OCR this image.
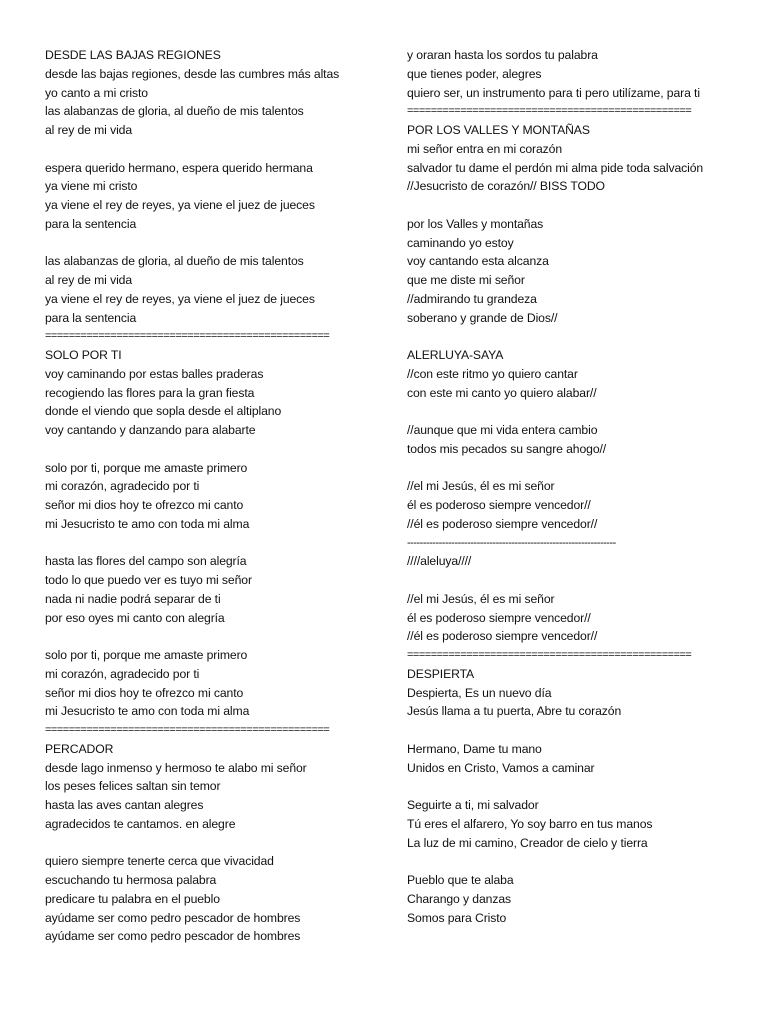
DESDE LAS BAJAS REGIONES
desde las bajas regiones, desde las cumbres más altas
yo canto a mi cristo
las alabanzas de gloria, al dueño de mis talentos
al rey de mi vida
espera querido hermano, espera querido hermana
ya viene mi cristo
ya viene el rey de reyes, ya viene el juez de jueces
para la sentencia
las alabanzas de gloria, al dueño de mis talentos
al rey de mi vida
ya viene el rey de reyes, ya viene el juez de jueces
para la sentencia
================================================
SOLO POR TI
voy caminando por estas balles praderas
recogiendo las flores para la gran fiesta
donde el viendo que sopla desde el altiplano
voy cantando y danzando para alabarte
solo por ti, porque me amaste primero
mi corazón, agradecido por ti
señor mi dios hoy te ofrezco mi canto
mi Jesucristo te amo con toda mi alma
hasta las flores del campo son alegría
todo lo que puedo ver es tuyo mi señor
nada ni nadie podrá separar de ti
por eso oyes mi canto con alegría
solo por ti, porque me amaste primero
mi corazón, agradecido por ti
señor mi dios hoy te ofrezco mi canto
mi Jesucristo te amo con toda mi alma
================================================
PERCADOR
desde lago inmenso y hermoso te alabo mi señor
los peses felices saltan sin temor
hasta las aves cantan alegres
agradecidos te cantamos. en alegre
quiero siempre tenerte cerca que vivacidad
escuchando tu hermosa palabra
predicare tu palabra en el pueblo
ayúdame ser como pedro pescador de hombres
ayúdame ser como pedro pescador de hombres
y oraran hasta los sordos tu palabra
que tienes poder, alegres
quiero ser, un instrumento para ti pero utilízame, para ti
================================================
POR LOS VALLES Y MONTAÑAS
mi señor entra en mi corazón
salvador tu dame el perdón mi alma pide toda salvación
//Jesucristo de corazón// BISS TODO
por los Valles y montañas
caminando yo estoy
voy cantando esta alcanza
que me diste mi señor
//admirando tu grandeza
soberano y grande de Dios//
ALERLUYA-SAYA
//con este ritmo yo quiero cantar
con este mi canto yo quiero alabar//
//aunque que mi vida entera cambio
todos mis pecados su sangre ahogo//
//el mi Jesús, él es mi señor
él es poderoso siempre vencedor//
//él es poderoso siempre vencedor//
------------------------------------------------------------------
////aleluya////
//el mi Jesús, él es mi señor
él es poderoso siempre vencedor//
//él es poderoso siempre vencedor//
================================================
DESPIERTA
Despierta, Es un nuevo día
Jesús llama a tu puerta, Abre tu corazón
Hermano, Dame tu mano
Unidos en Cristo, Vamos a caminar
Seguirte a ti, mi salvador
Tú eres el alfarero, Yo soy barro en tus manos
La luz de mi camino, Creador de cielo y tierra
Pueblo que te alaba
Charango y danzas
Somos para Cristo
